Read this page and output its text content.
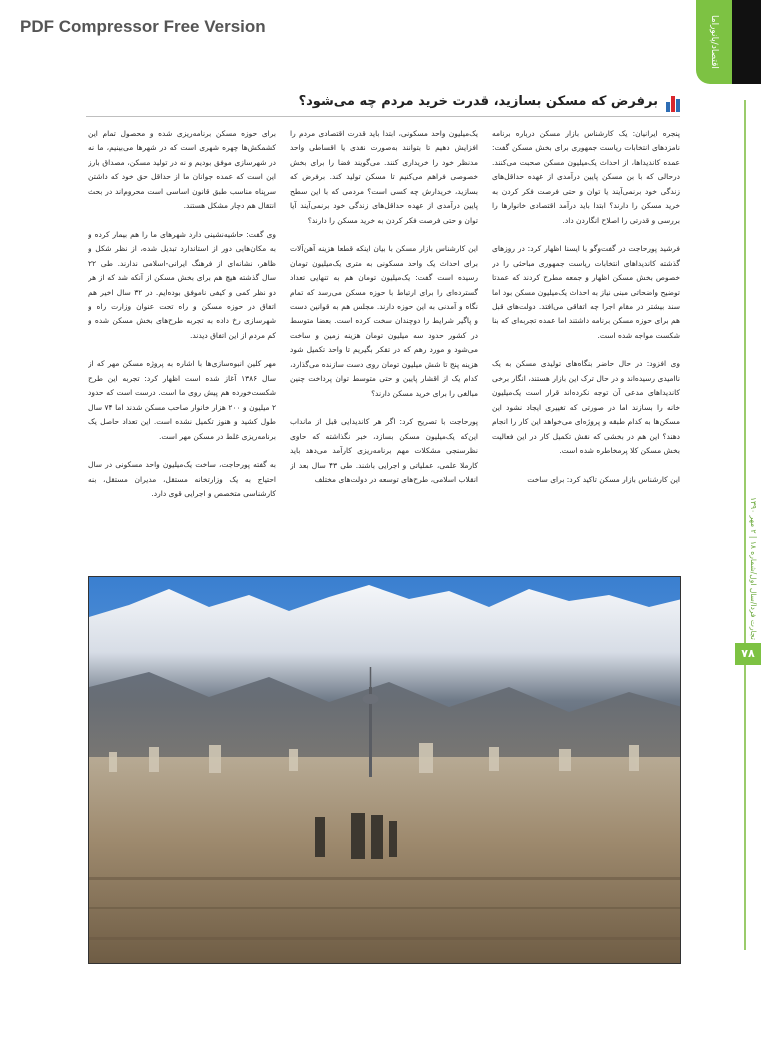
PDF Compressor Free Version	اقتصاد/پانوراما
تجارت فردا/سال اول/شماره ۱۸ | ۲ مهر ۱۳۹۰
۷۸
برفرض که مسکن بسازید، قدرت خرید مردم چه می‌شود؟

پنجره ایرانیان: یک کارشناس بازار مسکن درباره برنامه نامزدهای انتخابات ریاست جمهوری برای بخش مسکن گفت: عمده کاندیداها، از احداث یک‌میلیون مسکن صحبت می‌کنند. درحالی که با بن مسکن پایین درآمدی از عهده حداقل‌های زندگی خود برنمی‌آیند یا توان و حتی فرصت فکر کردن به خرید مسکن را دارند؟ ابتدا باید درآمد اقتصادی خانوارها را بررسی و قدرتی را اصلاح انگاردن داد.

فرشید پورحاجت در گفت‌وگو با ایسنا اظهار کرد: در روزهای گذشته کاندیداهای انتخابات ریاست جمهوری مباحثی را در خصوص بخش مسکن اظهار و جمعه مطرح کردند که عمدتا توضیح واضحاتی مبنی نیاز به احداث یک‌میلیون مسکن بود اما سند بیشتر در مقام اجرا چه اتفاقی می‌افتد. دولت‌های قبل هم برای حوزه مسکن برنامه داشتند اما عمده تجربه‌ای که بنا شکست مواجه شده است.

وی افزود: در حال حاضر بنگاه‌های تولیدی مسکن به یک ناامیدی رسیده‌اند و در حال ترک این بازار هستند، انگار برخی کاندیداهای مدعی آن توجه نکرده‌اند قرار است یک‌میلیون خانه را بسازند اما در صورتی که تغییری ایجاد نشود این مسکن‌ها به کدام طبقه و پروژه‌ای می‌خواهد این کار را انجام دهند؟ این هم در بخشی که نقش تکمیل کار در این فعالیت بخش مسکن کلا پرمخاطره شده است.

این کارشناس بازار مسکن تاکید کرد: برای ساخت

یک‌میلیون واحد مسکونی، ابتدا باید قدرت اقتصادی مردم را افزایش دهیم تا بتوانند به‌صورت نقدی یا اقساطی واحد مدنظر خود را خریداری کنند. می‌گویند فضا را برای بخش خصوصی فراهم می‌کنیم تا مسکن تولید کند. برفرض که بسازید، خریدارش چه کسی است؟ مردمی که با این سطح پایین درآمدی از عهده حداقل‌های زندگی خود برنمی‌آیند آیا توان و حتی فرصت فکر کردن به خرید مسکن را دارند؟

این کارشناس بازار مسکن با بیان اینکه قطعا هزینه آهن‌آلات برای احداث یک واحد مسکونی به متری یک‌میلیون تومان رسیده است گفت: یک‌میلیون تومان هم به تنهایی تعداد گسترده‌ای را برای ارتباط با حوزه مسکن می‌رسد که تمام نگاه و آمدنی به این حوزه دارند. مجلس هم به قوانین دست و پاگیر شرایط را دوچندان سخت کرده است. بعضا متوسط در کشور حدود سه میلیون تومان هزینه زمین و ساخت می‌شود و مورد رهم که در تفکر بگیریم تا واحد تکمیل شود هزینه پنج تا شش میلیون تومان روی دست سازنده می‌گذارد، کدام یک از اقشار پایین و حتی متوسط توان پرداخت چنین مبالغی را برای خرید مسکن دارند؟

پورحاجت با تصریح کرد: اگر هر کاندیدایی قبل از مانداب این‌که یک‌میلیون مسکن بسازد، خبر نگذاشته که حاوی نظرسنجی مشکلات مهم برنامه‌ریزی کارآمد می‌دهد باید کارملا علمی، عملیاتی و اجرایی باشند. طی ۴۳ سال بعد از انقلاب اسلامی، طرح‌های توسعه در دولت‌های مختلف

برای حوزه مسکن برنامه‌ریزی شده و محصول تمام این کشمکش‌ها چهره شهری است که در شهرها می‌بینیم، ما نه در شهرسازی موفق بودیم و نه در تولید مسکن، مصداق بارز این است که عمده جوانان ما از حداقل حق خود که داشتن سرپناه مناسب طبق قانون اساسی است محروم‌اند در بحث انتقال هم دچار مشکل هستند.

وی گفت: حاشیه‌نشینی دارد شهرهای ما را هم بیمار کرده و به مکان‌هایی دور از استاندارد تبدیل شده، از نظر شکل و ظاهر، نشانه‌ای از فرهنگ ایرانی-اسلامی ندارند. طی ۲۲ سال گذشته هیچ هم برای بخش مسکن از آنکه شد که از هر دو نظر کمی و کیفی ناموفق بوده‌ایم. در ۳۲ سال اخیر هم اتفاق در حوزه مسکن و راه تحت عنوان وزارت راه و شهرسازی رخ داده به تجربه طرح‌های بخش مسکن شده و کم مردم از این اتفاق دیدند.

مهر کلین انبوه‌سازی‌ها با اشاره به پروژه مسکن مهر که از سال ۱۳۸۶ آغاز شده است اظهار کرد: تجربه این طرح شکست‌خورده هم پیش روی ما است. درست است که حدود ۲ میلیون و ۲۰۰ هزار خانوار صاحب مسکن شدند اما ۷۴ سال طول کشید و هنوز تکمیل نشده است. این تعداد حاصل یک برنامه‌ریزی غلط در مسکن مهر است.

به گفته پورحاجت، ساخت یک‌میلیون واحد مسکونی در سال احتیاج به یک وزارتخانه مستقل، مدیران مستقل، بنه کارشناسی متخصص و اجرایی قوی دارد.
